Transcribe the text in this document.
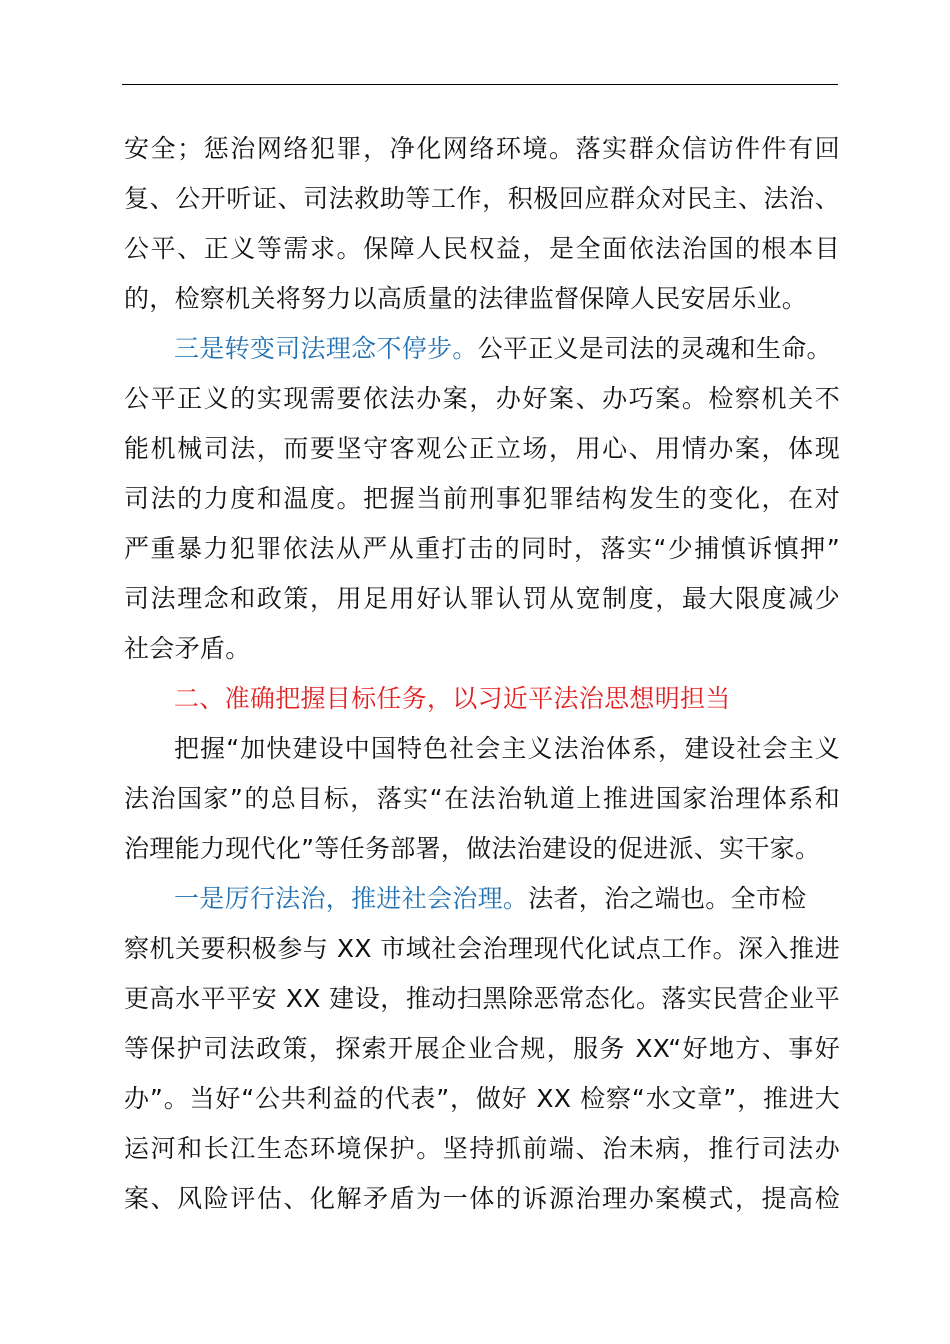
安全；惩治网络犯罪，净化网络环境。落实群众信访件件有回
复、公开听证、司法救助等工作，积极回应群众对民主、法治、
公平、正义等需求。保障人民权益，是全面依法治国的根本目
的，检察机关将努力以高质量的法律监督保障人民安居乐业。
三是转变司法理念不停步。公平正义是司法的灵魂和生命。
公平正义的实现需要依法办案，办好案、办巧案。检察机关不
能机械司法，而要坚守客观公正立场，用心、用情办案，体现
司法的力度和温度。把握当前刑事犯罪结构发生的变化，在对
严重暴力犯罪依法从严从重打击的同时，落实“少捕慎诉慎押”
司法理念和政策，用足用好认罪认罚从宽制度，最大限度减少
社会矛盾。
二、准确把握目标任务，以习近平法治思想明担当
把握“加快建设中国特色社会主义法治体系，建设社会主义
法治国家”的总目标，落实“在法治轨道上推进国家治理体系和
治理能力现代化”等任务部署，做法治建设的促进派、实干家。
一是厉行法治，推进社会治理。法者，治之端也。全市检
察机关要积极参与 XX 市域社会治理现代化试点工作。深入推进
更高水平平安 XX 建设，推动扫黑除恶常态化。落实民营企业平
等保护司法政策，探索开展企业合规，服务 XX“好地方、事好
办”。当好“公共利益的代表”，做好 XX 检察“水文章”，推进大
运河和长江生态环境保护。坚持抓前端、治未病，推行司法办
案、风险评估、化解矛盾为一体的诉源治理办案模式，提高检
